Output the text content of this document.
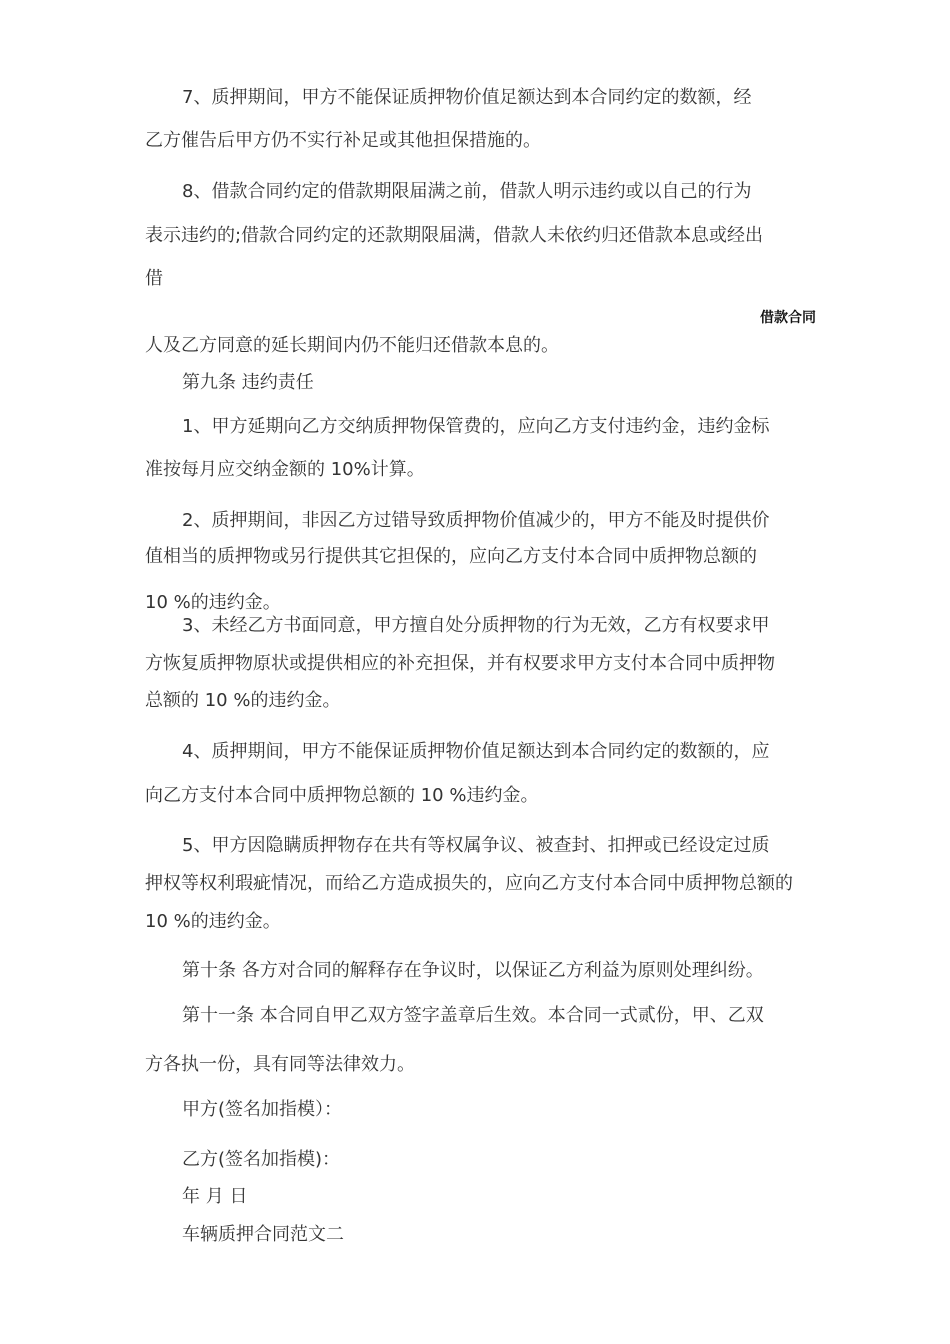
借款合同
7、质押期间，甲方不能保证质押物价值足额达到本合同约定的数额，经
乙方催告后甲方仍不实行补足或其他担保措施的。
8、借款合同约定的借款期限届满之前，借款人明示违约或以自己的行为
表示违约的;借款合同约定的还款期限届满，借款人未依约归还借款本息或经出
借
人及乙方同意的延长期间内仍不能归还借款本息的。
第九条 违约责任
1、甲方延期向乙方交纳质押物保管费的，应向乙方支付违约金，违约金标
准按每月应交纳金额的 10%计算。
2、质押期间，非因乙方过错导致质押物价值减少的，甲方不能及时提供价
值相当的质押物或另行提供其它担保的，应向乙方支付本合同中质押物总额的
10 %的违约金。
3、未经乙方书面同意，甲方擅自处分质押物的行为无效，乙方有权要求甲
方恢复质押物原状或提供相应的补充担保，并有权要求甲方支付本合同中质押物
总额的 10 %的违约金。
4、质押期间，甲方不能保证质押物价值足额达到本合同约定的数额的，应
向乙方支付本合同中质押物总额的 10 %违约金。
5、甲方因隐瞒质押物存在共有等权属争议、被查封、扣押或已经设定过质
押权等权利瑕疵情况，而给乙方造成损失的，应向乙方支付本合同中质押物总额的
10 %的违约金。
第十条 各方对合同的解释存在争议时，以保证乙方利益为原则处理纠纷。
第十一条 本合同自甲乙双方签字盖章后生效。本合同一式贰份，甲、乙双
方各执一份，具有同等法律效力。
甲方(签名加指模）：
乙方(签名加指模)：
年 月 日
车辆质押合同范文二
